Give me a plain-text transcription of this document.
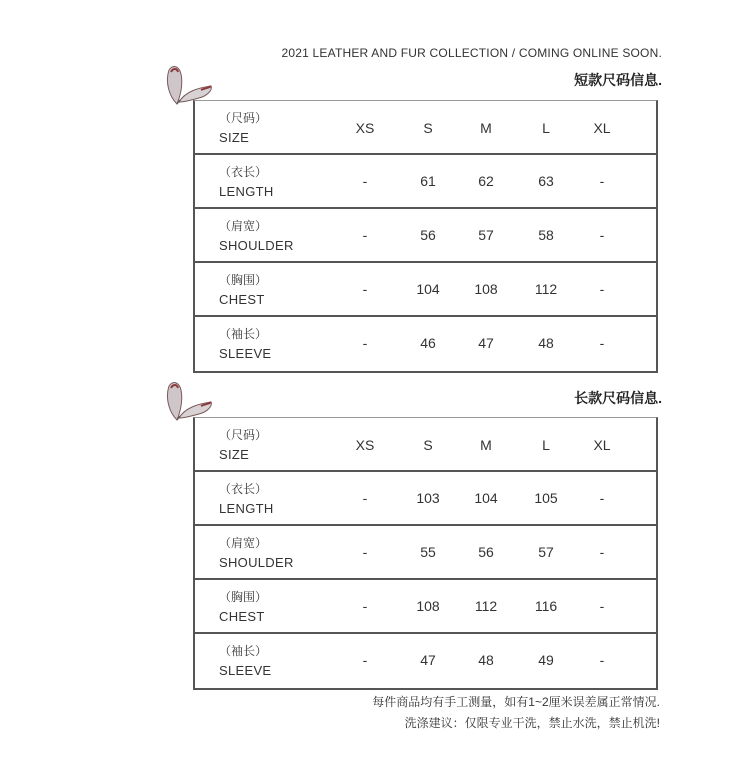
2021 LEATHER AND FUR COLLECTION / COMING ONLINE SOON.
短款尺码信息.
（尺码）
SIZE
XS	S	M	L	XL
（衣长）
LENGTH
-	61	62	63	-
（肩宽）
SHOULDER
-	56	57	58	-
（胸围）
CHEST
-	104	108	112	-
（袖长）
SLEEVE
-	46	47	48	-
长款尺码信息.
（尺码）
SIZE
XS	S	M	L	XL
（衣长）
LENGTH
-	103	104	105	-
（肩宽）
SHOULDER
-	55	56	57	-
（胸围）
CHEST
-	108	112	116	-
（袖长）
SLEEVE
-	47	48	49	-
每件商品均有手工测量，如有1~2厘米误差属正常情况.
洗涤建议：仅限专业干洗，禁止水洗，禁止机洗!
